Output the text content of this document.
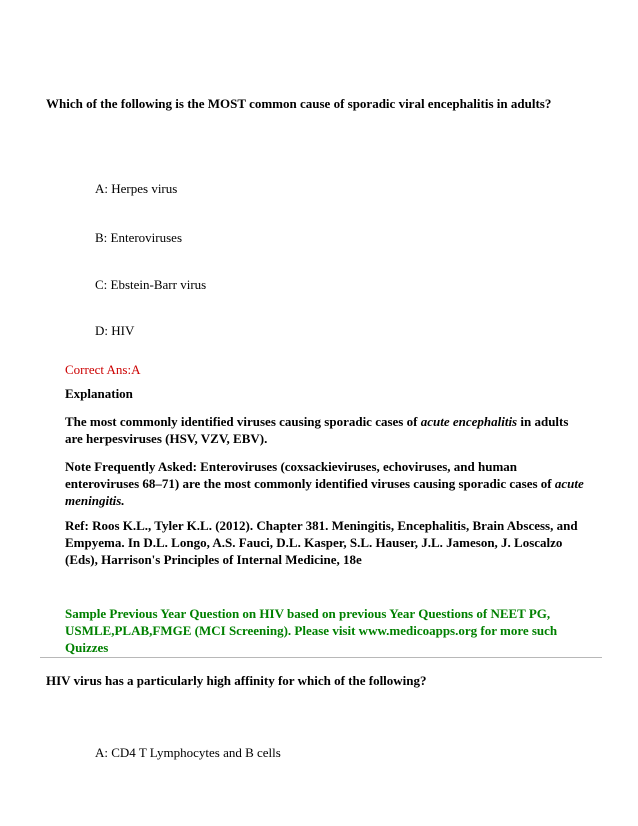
Which of the following is the MOST common cause of sporadic viral encephalitis in adults?

A: Herpes virus

B: Enteroviruses

C: Ebstein-Barr virus

D: HIV

Correct Ans:A

Explanation

The most commonly identified viruses causing sporadic cases of acute encephalitis in adults are herpesviruses (HSV, VZV, EBV).

Note Frequently Asked: Enteroviruses (coxsackieviruses, echoviruses, and human enteroviruses 68–71) are the most commonly identified viruses causing sporadic cases of acute meningitis.

Ref: Roos K.L., Tyler K.L. (2012). Chapter 381. Meningitis, Encephalitis, Brain Abscess, and Empyema. In D.L. Longo, A.S. Fauci, D.L. Kasper, S.L. Hauser, J.L. Jameson, J. Loscalzo (Eds), Harrison's Principles of Internal Medicine, 18e

Sample Previous Year Question on HIV based on previous Year Questions of NEET PG, USMLE,PLAB,FMGE (MCI Screening). Please visit www.medicoapps.org for more such Quizzes

HIV virus has a particularly high affinity for which of the following?

A: CD4 T Lymphocytes and B cells
